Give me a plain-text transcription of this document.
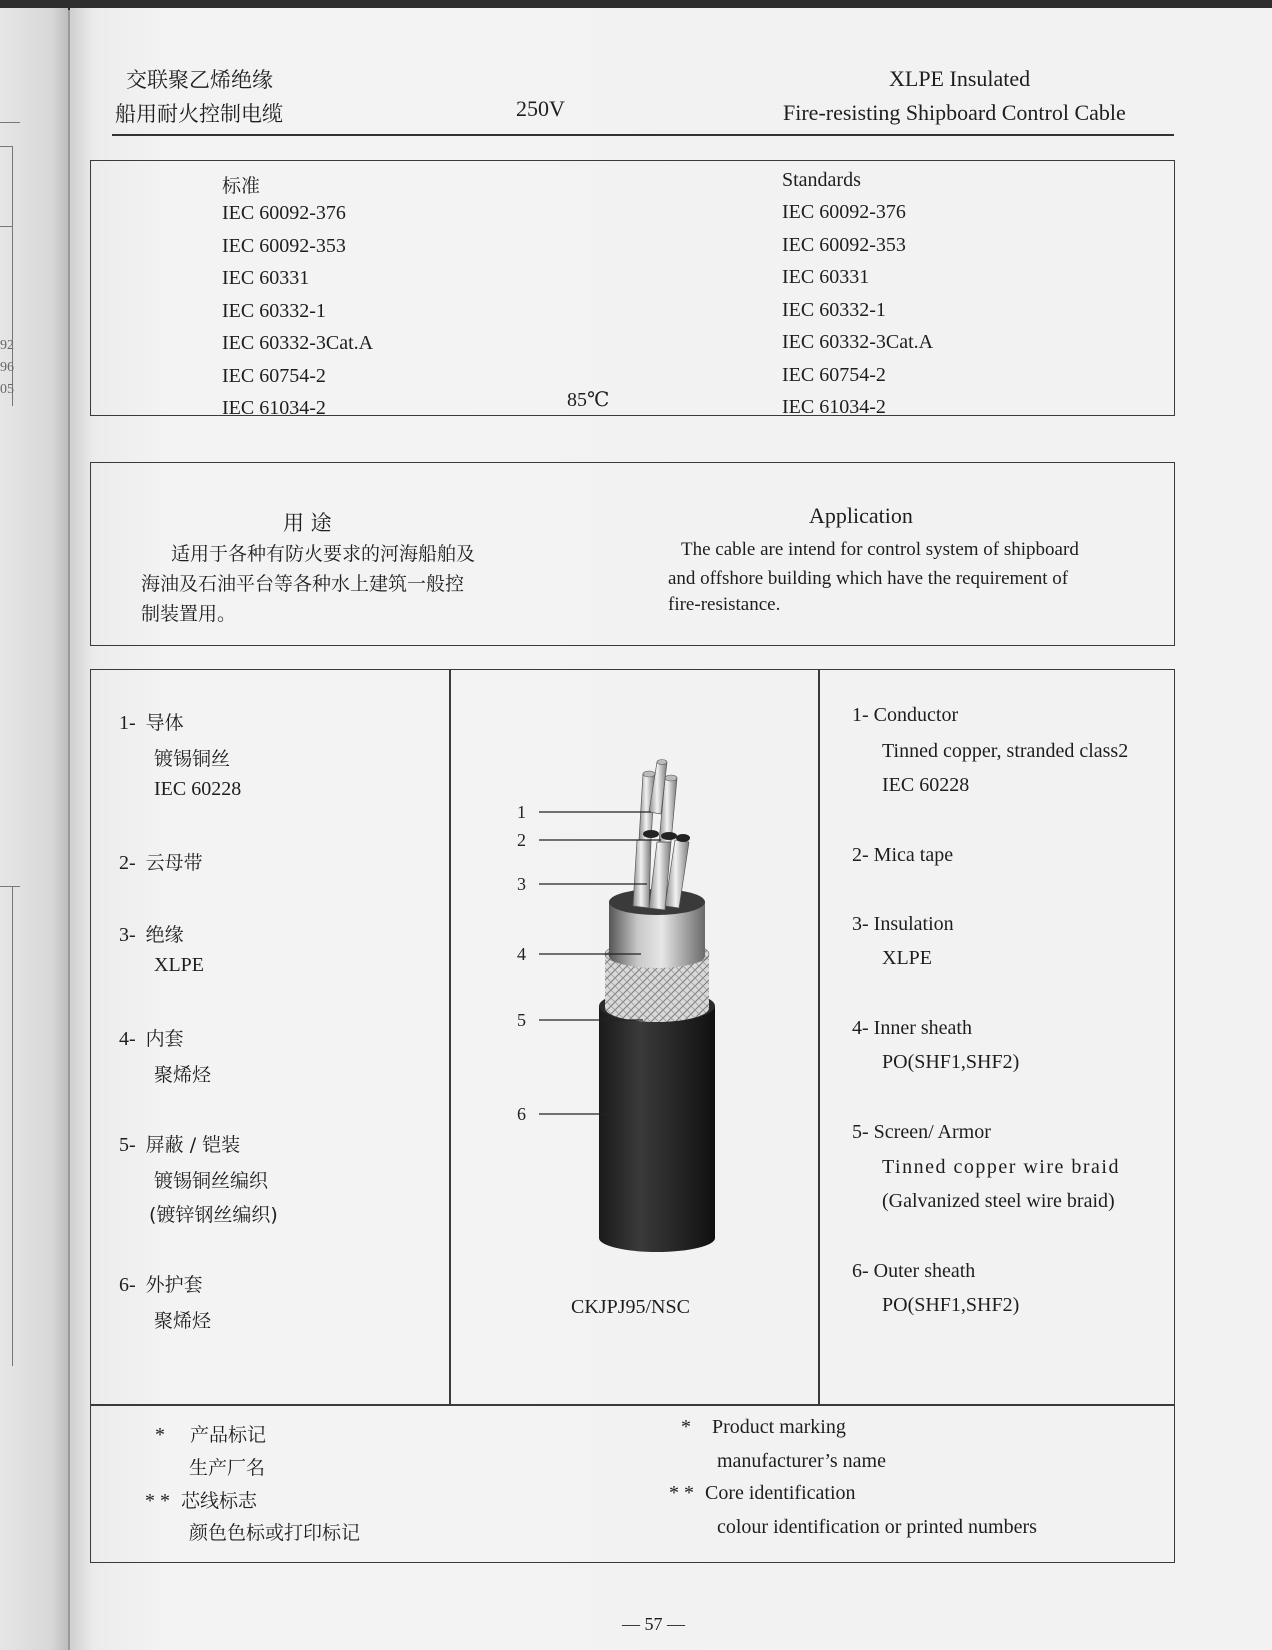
92
96
05
交联聚乙烯绝缘
船用耐火控制电缆	250V
XLPE Insulated
Fire-resisting Shipboard Control Cable
标准
IEC 60092-376
IEC 60092-353
IEC 60331
IEC 60332-1
IEC 60332-3Cat.A
IEC 60754-2
IEC 61034-2	85℃
Standards
IEC 60092-376
IEC 60092-353
IEC 60331
IEC 60332-1
IEC 60332-3Cat.A
IEC 60754-2
IEC 61034-2
用 途
适用于各种有防火要求的河海船舶及
海油及石油平台等各种水上建筑一般控
制装置用。
Application
The cable are intend for control system of shipboard
and offshore building which have the requirement of
fire-resistance.
1- 导体
镀锡铜丝
IEC 60228
2- 云母带
3- 绝缘
XLPE
4- 内套
聚烯烃
5- 屏蔽 / 铠装
镀锡铜丝编织
(镀锌钢丝编织)
6- 外护套
聚烯烃
1
2
3
4
5
6
CKJPJ95/NSC
1- Conductor
Tinned copper, stranded class2
IEC 60228
2- Mica tape
3- Insulation
XLPE
4- Inner sheath
PO(SHF1,SHF2)
5- Screen/ Armor
Tinned copper wire braid
(Galvanized steel wire braid)
6- Outer sheath
PO(SHF1,SHF2)
* 产品标记
生产厂名
* * 芯线标志
颜色色标或打印标记
* Product marking
manufacturer’s name
* * Core identification
colour identification or printed numbers
— 57 —
